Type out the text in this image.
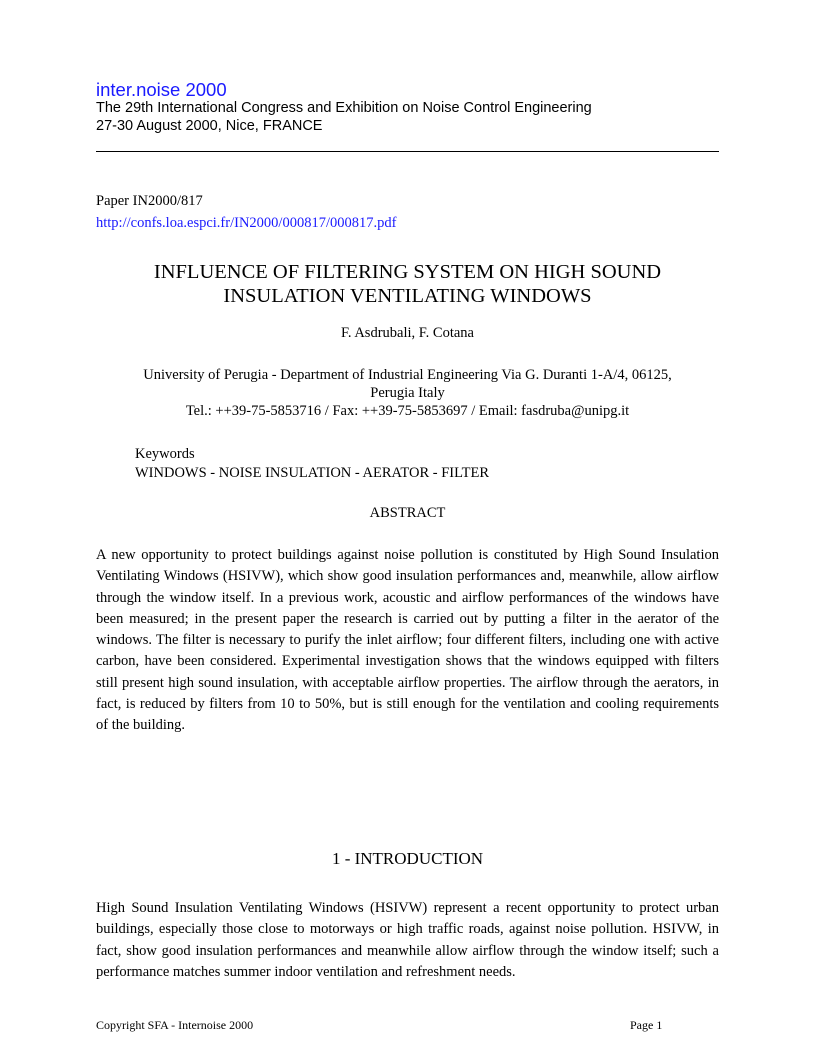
inter.noise 2000
The 29th International Congress and Exhibition on Noise Control Engineering
27-30 August 2000, Nice, FRANCE
Paper IN2000/817
http://confs.loa.espci.fr/IN2000/000817/000817.pdf
INFLUENCE OF FILTERING SYSTEM ON HIGH SOUND
INSULATION VENTILATING WINDOWS
F. Asdrubali, F. Cotana
University of Perugia - Department of Industrial Engineering Via G. Duranti 1-A/4, 06125,
Perugia Italy
Tel.: ++39-75-5853716 / Fax: ++39-75-5853697 / Email: fasdruba@unipg.it
Keywords
WINDOWS - NOISE INSULATION - AERATOR - FILTER
ABSTRACT
A new opportunity to protect buildings against noise pollution is constituted by High Sound Insulation Ventilating Windows (HSIVW), which show good insulation performances and, meanwhile, allow airflow through the window itself. In a previous work, acoustic and airflow performances of the windows have been measured; in the present paper the research is carried out by putting a filter in the aerator of the windows. The filter is necessary to purify the inlet airflow; four different filters, including one with active carbon, have been considered. Experimental investigation shows that the windows equipped with filters still present high sound insulation, with acceptable airflow properties. The airflow through the aerators, in fact, is reduced by filters from 10 to 50%, but is still enough for the ventilation and cooling requirements of the building.
1 - INTRODUCTION
High Sound Insulation Ventilating Windows (HSIVW) represent a recent opportunity to protect urban buildings, especially those close to motorways or high traffic roads, against noise pollution. HSIVW, in fact, show good insulation performances and meanwhile allow airflow through the window itself; such a performance matches summer indoor ventilation and refreshment needs.
Copyright SFA - Internoise 2000	Page 1
